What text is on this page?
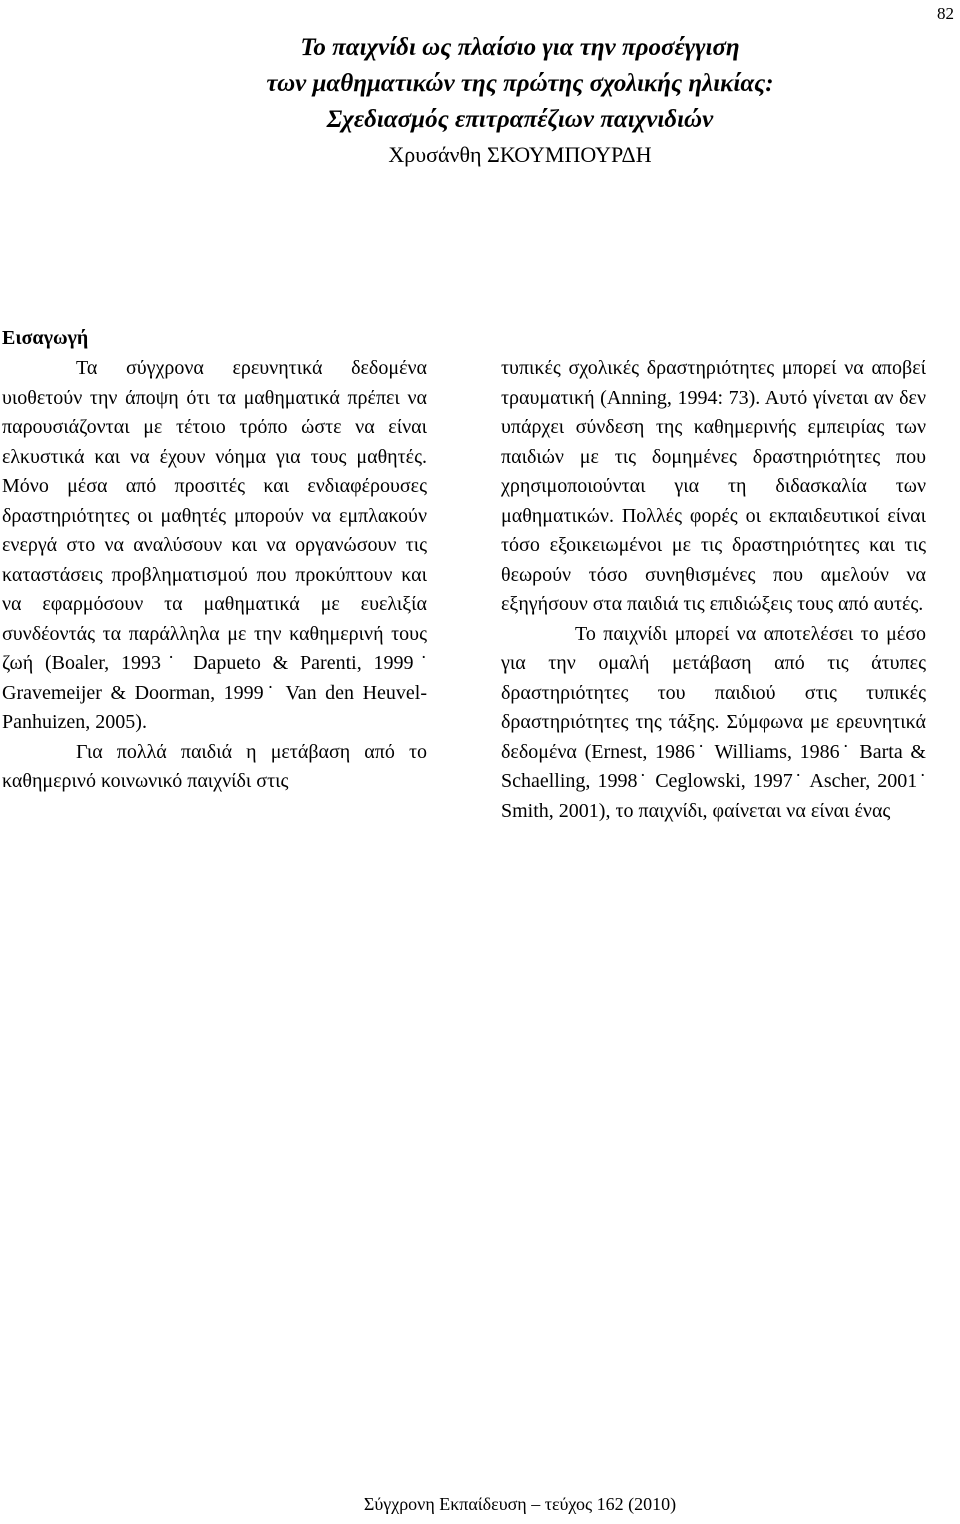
82
Το παιχνίδι ως πλαίσιο για την προσέγγιση
των μαθηματικών της πρώτης σχολικής ηλικίας:
Σχεδιασμός επιτραπέζιων παιχνιδιών
Χρυσάνθη ΣΚΟΥΜΠΟΥΡΔΗ
Εισαγωγή

Τα σύγχρονα ερευνητικά δεδομένα υιοθετούν την άποψη ότι τα μαθηματικά πρέπει να παρουσιάζονται με τέτοιο τρόπο ώστε να είναι ελκυστικά και να έχουν νόημα για τους μαθητές. Μόνο μέσα από προσιτές και ενδιαφέρουσες δραστηριότητες οι μαθητές μπορούν να εμπλακούν ενεργά στο να αναλύσουν και να οργανώσουν τις καταστάσεις προβληματισμού που προκύπτουν και να εφαρμόσουν τα μαθηματικά με ευελιξία συνδέοντάς τα παράλληλα με την καθημερινή τους ζωή (Boaler, 1993˙ Dapueto & Parenti, 1999˙ Gravemeijer & Doorman, 1999˙ Van den Heuvel-Panhuizen, 2005).

Για πολλά παιδιά η μετάβαση από το καθημερινό κοινωνικό παιχνίδι στις

τυπικές σχολικές δραστηριότητες μπορεί να αποβεί τραυματική (Anning, 1994: 73). Αυτό γίνεται αν δεν υπάρχει σύνδεση της καθημερινής εμπειρίας των παιδιών με τις δομημένες δραστηριότητες που χρησιμοποιούνται για τη διδασκαλία των μαθηματικών. Πολλές φορές οι εκπαιδευτικοί είναι τόσο εξοικειωμένοι με τις δραστηριότητες και τις θεωρούν τόσο συνηθισμένες που αμελούν να εξηγήσουν στα παιδιά τις επιδιώξεις τους από αυτές.

Το παιχνίδι μπορεί να αποτελέσει το μέσο για την ομαλή μετάβαση από τις άτυπες δραστηριότητες του παιδιού στις τυπικές δραστηριότητες της τάξης. Σύμφωνα με ερευνητικά δεδομένα (Ernest, 1986˙ Williams, 1986˙ Barta & Schaelling, 1998˙ Ceglowski, 1997˙ Ascher, 2001˙ Smith, 2001), το παιχνίδι, φαίνεται να είναι ένας

Σύγχρονη Εκπαίδευση – τεύχος 162 (2010)
